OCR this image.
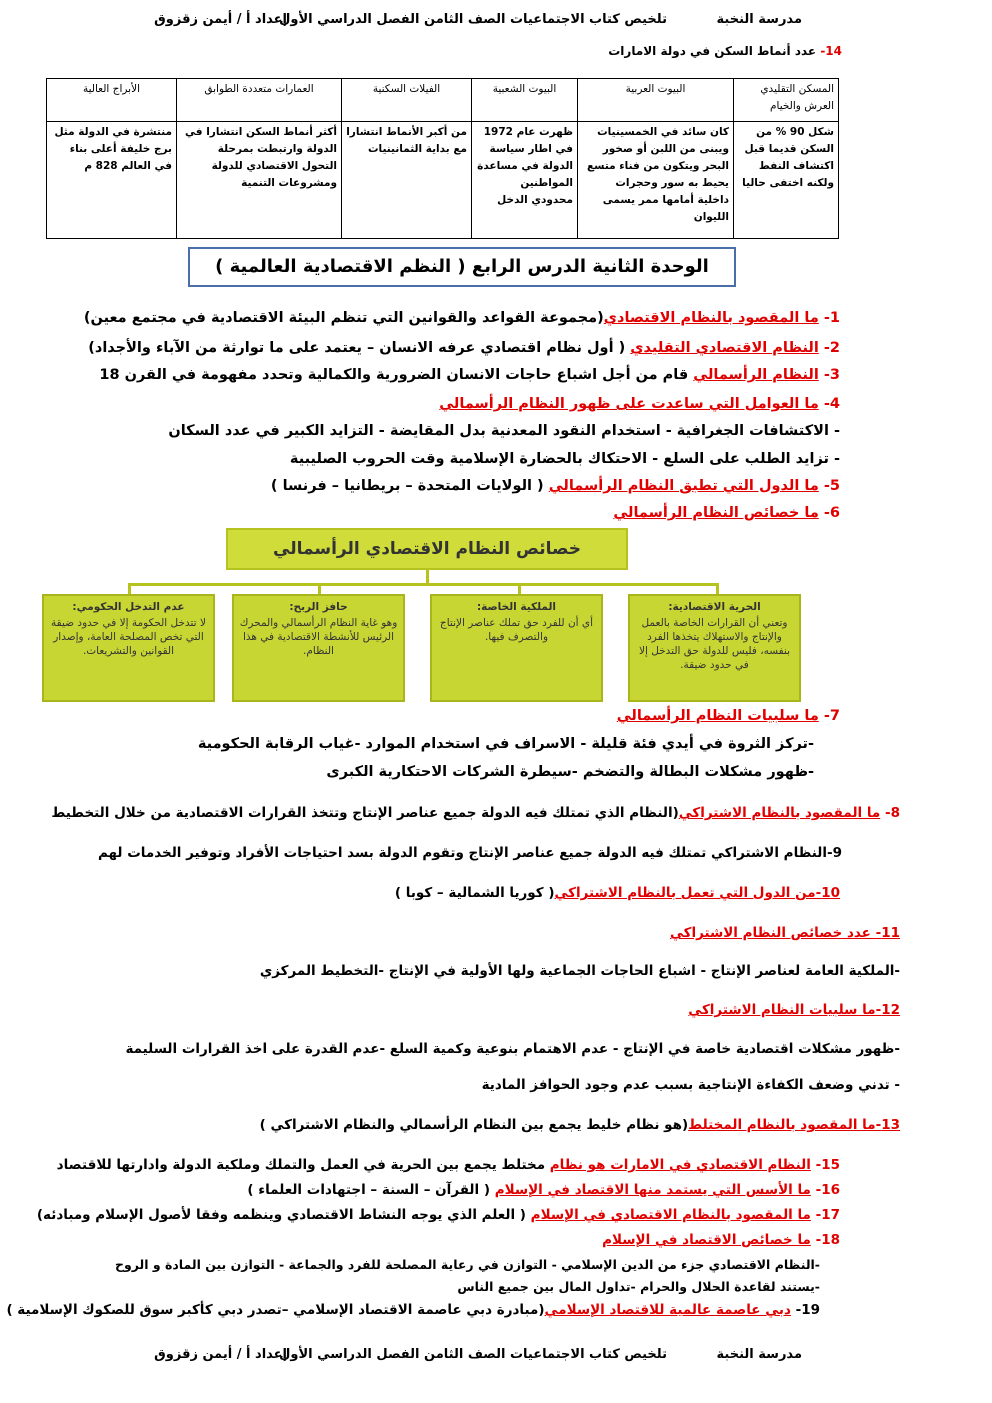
مدرسة النخبة
تلخيص كتاب الاجتماعيات الصف الثامن الفصل الدراسي الأول
إعداد أ / أيمن زقزوق
14- عدد أنماط السكن في دولة الامارات
المسكن التقليدي العرش والخيام	البيوت العربية	البيوت الشعبية	الفيلات السكنية	العمارات متعددة الطوابق	الأبراج العالية
شكل 90 % من السكن قديما قبل اكتشاف النفط ولكنه اختفى حاليا	كان سائد في الخمسينيات ويبنى من اللبن أو صخور البحر ويتكون من فناء متسع يحيط به سور وحجرات داخلية أمامها ممر يسمى الليوان	ظهرت عام 1972 في اطار سياسة الدولة في مساعدة المواطنين محدودي الدخل	من أكبر الأنماط انتشارا مع بداية الثمانينيات	أكثر أنماط السكن انتشارا في الدولة وارتبطت بمرحلة التحول الاقتصادي للدولة ومشروعات التنمية	منتشرة في الدولة مثل برج خليفة أعلى بناء في العالم 828 م
الوحدة الثانية الدرس الرابع ( النظم الاقتصادية العالمية )
1- ما المقصود بالنظام الاقتصادي(مجموعة القواعد والقوانين التي تنظم البيئة الاقتصادية في مجتمع معين)
2- النظام الاقتصادي التقليدي ( أول نظام اقتصادي عرفه الانسان – يعتمد على ما توارثة من الآباء والأجداد)
3- النظام الرأسمالي قام من أجل اشباع حاجات الانسان الضرورية والكمالية وتحدد مفهومة في القرن 18
4- ما العوامل التي ساعدت على ظهور النظام الرأسمالي
- الاكتشافات الجغرافية - استخدام النقود المعدنية بدل المقايضة - التزايد الكبير في عدد السكان
- تزايد الطلب على السلع - الاحتكاك بالحضارة الإسلامية وقت الحروب الصليبية
5- ما الدول التي تطبق النظام الرأسمالي ( الولايات المتحدة – بريطانيا – فرنسا )
6- ما خصائص النظام الرأسمالي
خصائص النظام الاقتصادي الرأسمالي
الحرية الاقتصادية:
وتعني أن القرارات الخاصة بالعمل والإنتاج والاستهلاك يتخذها الفرد بنفسه، فليس للدولة حق التدخل إلا في حدود ضيقة.
الملكية الخاصة:
أي أن للفرد حق تملك عناصر الإنتاج والتصرف فيها.
حافز الربح:
وهو غاية النظام الرأسمالي والمحرك الرئيس للأنشطة الاقتصادية في هذا النظام.
عدم التدخل الحكومي:
لا تتدخل الحكومة إلا في حدود ضيقة التي تخص المصلحة العامة، وإصدار القوانين والتشريعات.
7- ما سلبيات النظام الرأسمالي
-تركز الثروة في أيدي فئة قليلة - الاسراف في استخدام الموارد -غياب الرقابة الحكومية
-ظهور مشكلات البطالة والتضخم -سيطرة الشركات الاحتكارية الكبرى
8- ما المقصود بالنظام الاشتراكي(النظام الذي تمتلك فيه الدولة جميع عناصر الإنتاج وتتخذ القرارات الاقتصادية من خلال التخطيط
9-النظام الاشتراكي تمتلك فيه الدولة جميع عناصر الإنتاج وتقوم الدولة بسد احتياجات الأفراد وتوفير الخدمات لهم
10-من الدول التي تعمل بالنظام الاشتراكي( كوريا الشمالية – كوبا )
11- عدد خصائص النظام الاشتراكي
-الملكية العامة لعناصر الإنتاج - اشباع الحاجات الجماعية ولها الأولية في الإنتاج -التخطيط المركزي
12-ما سلبيات النظام الاشتراكي
-ظهور مشكلات اقتصادية خاصة في الإنتاج - عدم الاهتمام بنوعية وكمية السلع -عدم القدرة على اخذ القرارات السليمة
- تدني وضعف الكفاءة الإنتاجية بسبب عدم وجود الحوافز المادية
13-ما المقصود بالنظام المختلط(هو نظام خليط يجمع بين النظام الرأسمالي والنظام الاشتراكي )
15- النظام الاقتصادي في الامارات هو نظام مختلط يجمع بين الحرية في العمل والتملك وملكية الدولة وادارتها للاقتصاد
16- ما الأسس التي يستمد منها الاقتصاد في الإسلام ( القرآن – السنة – اجتهادات العلماء )
17- ما المقصود بالنظام الاقتصادي في الإسلام ( العلم الذي يوجه النشاط الاقتصادي وينظمه وفقا لأصول الإسلام ومبادئه)
18- ما خصائص الاقتصاد في الإسلام
-النظام الاقتصادي جزء من الدين الإسلامي - التوازن في رعاية المصلحة للفرد والجماعة - التوازن بين المادة و الروح
-يستند لقاعدة الحلال والحرام -تداول المال بين جميع الناس
19- دبي عاصمة عالمية للاقتصاد الإسلامي(مبادرة دبي عاصمة الاقتصاد الإسلامي –تصدر دبي كأكبر سوق للصكوك الإسلامية )
مدرسة النخبة
تلخيص كتاب الاجتماعيات الصف الثامن الفصل الدراسي الأول
إعداد أ / أيمن زقزوق
